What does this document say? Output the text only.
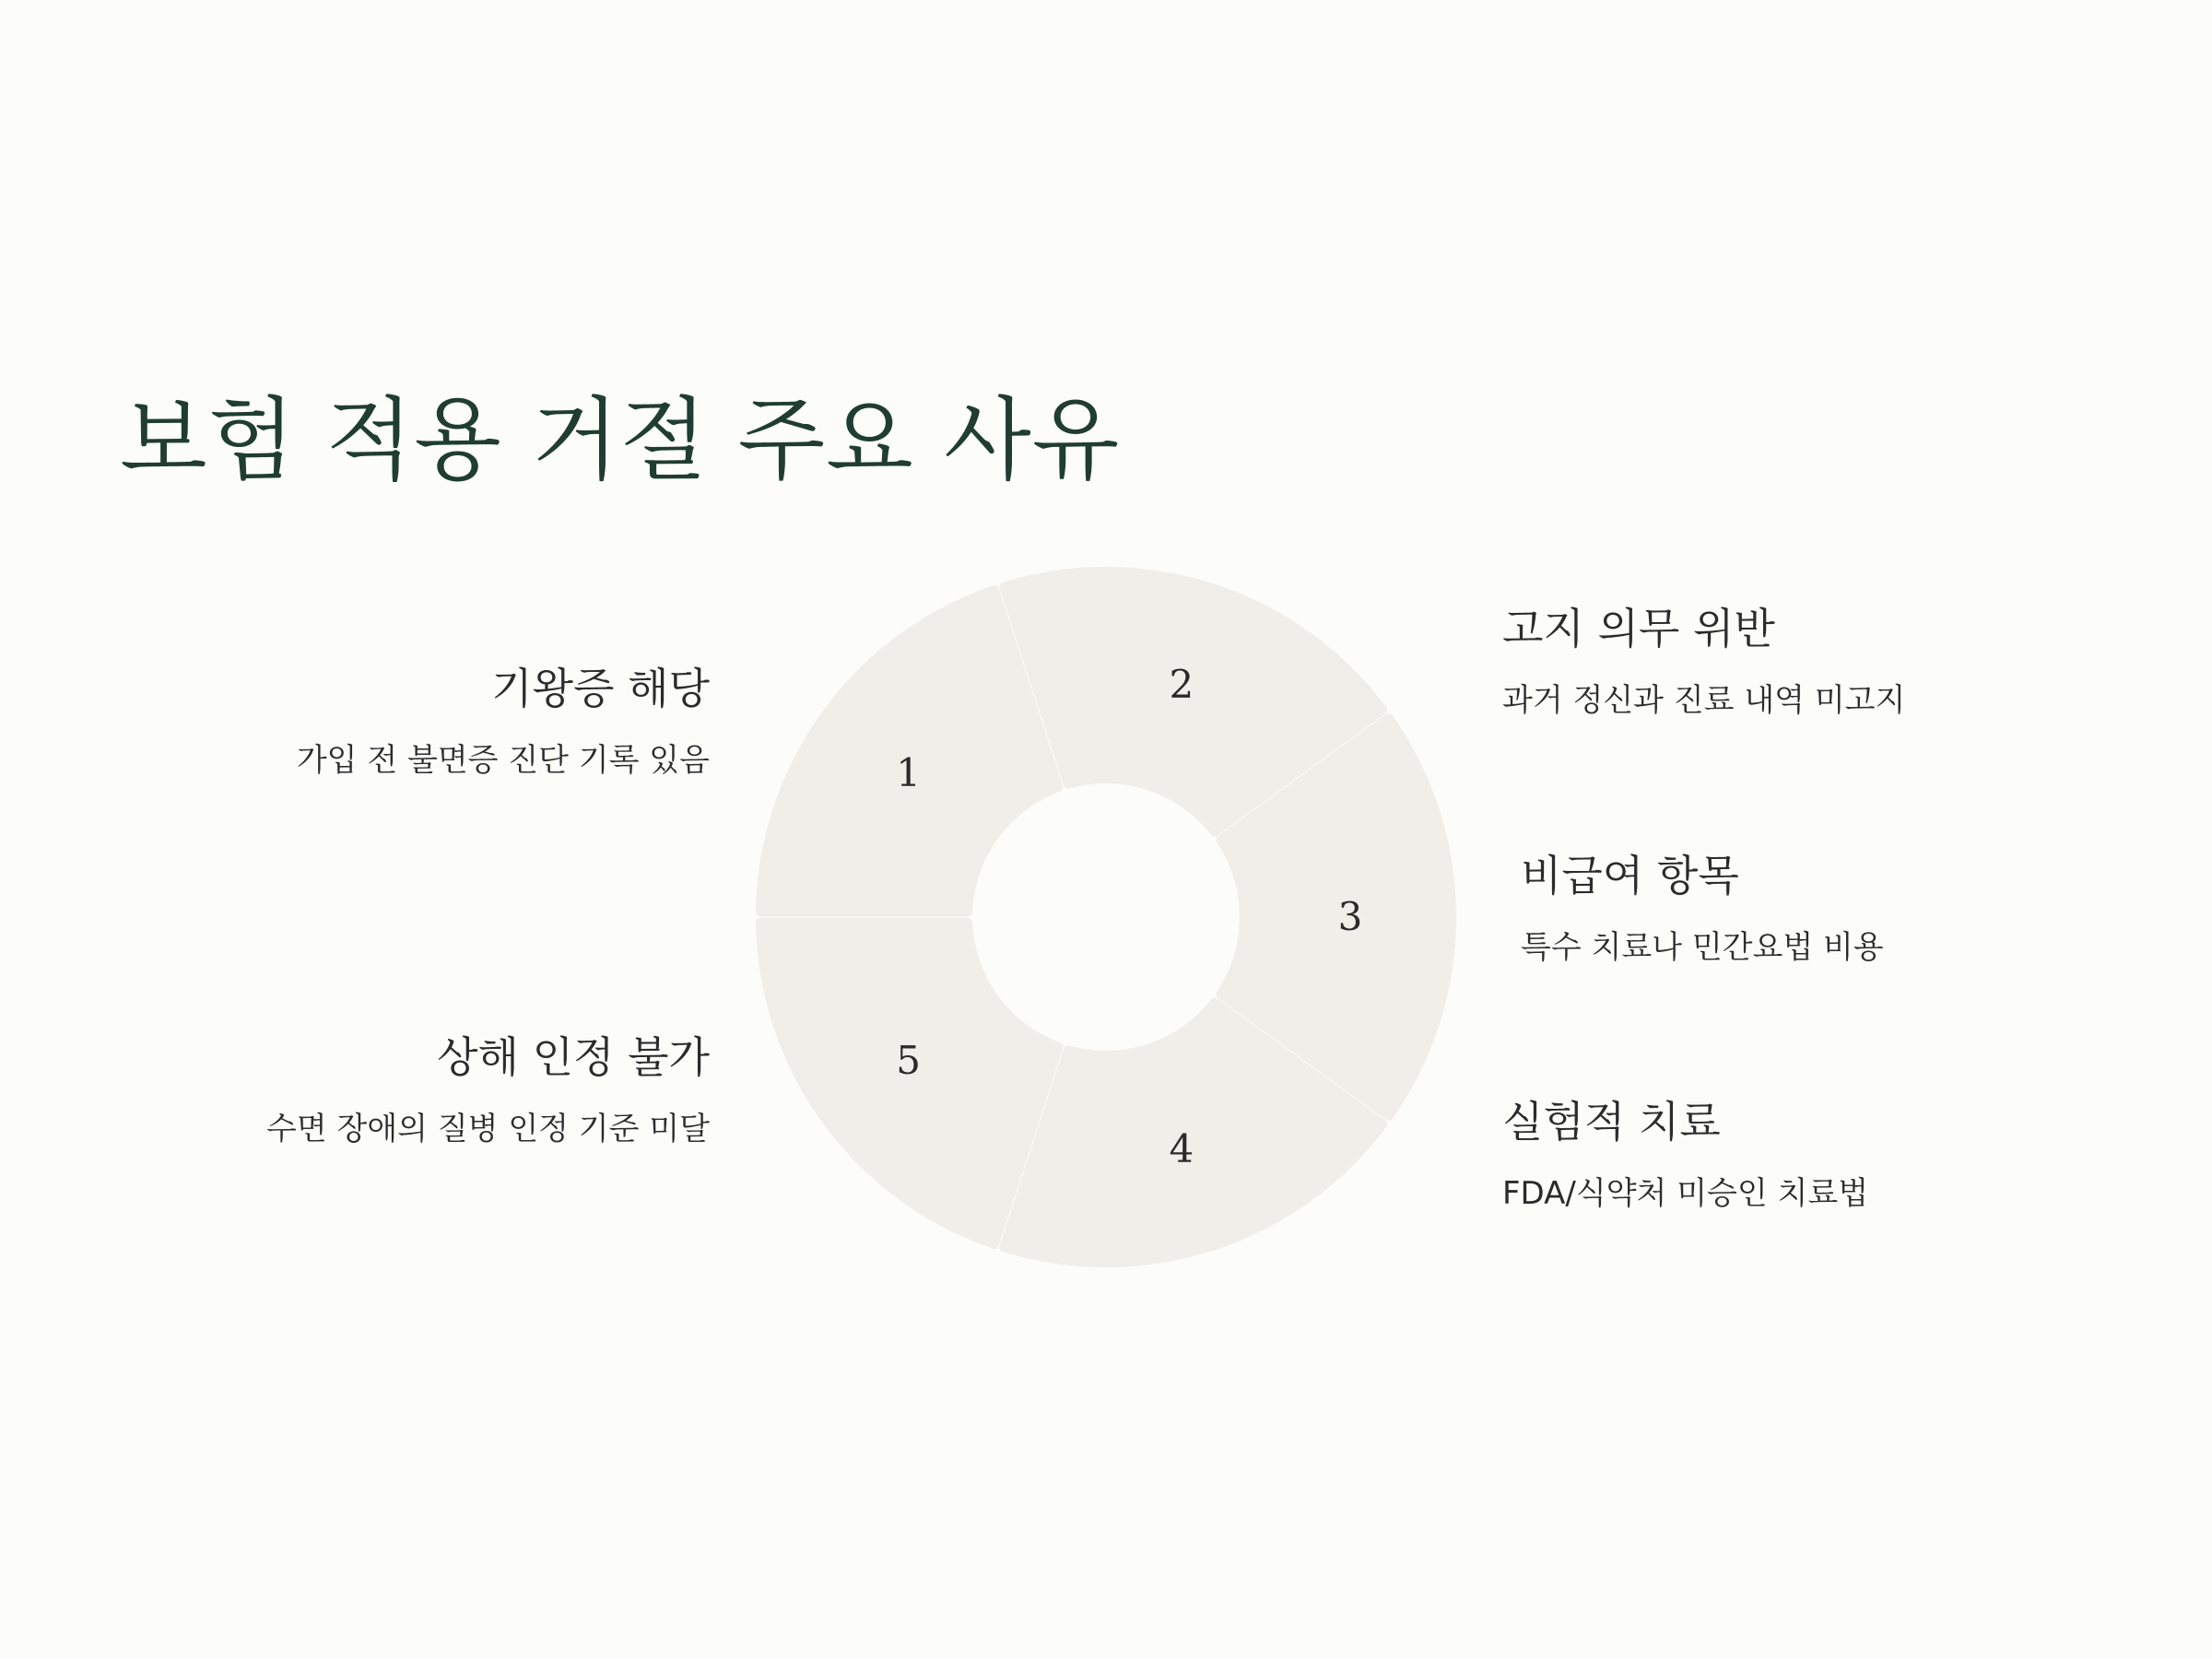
보험 적용 거절 주요 사유
1
2
3
4
5
기왕증 해당
가입 전 불면증 진단 기록 있음
고지 의무 위반
과거 정신과 진료 내역 미고지
비급여 항목
특수 치료나 민간요법 비용
실험적 치료
FDA/식약처 미승인 치료법
상해 인정 불가
수면 장애의 질병 인정 기준 미달
